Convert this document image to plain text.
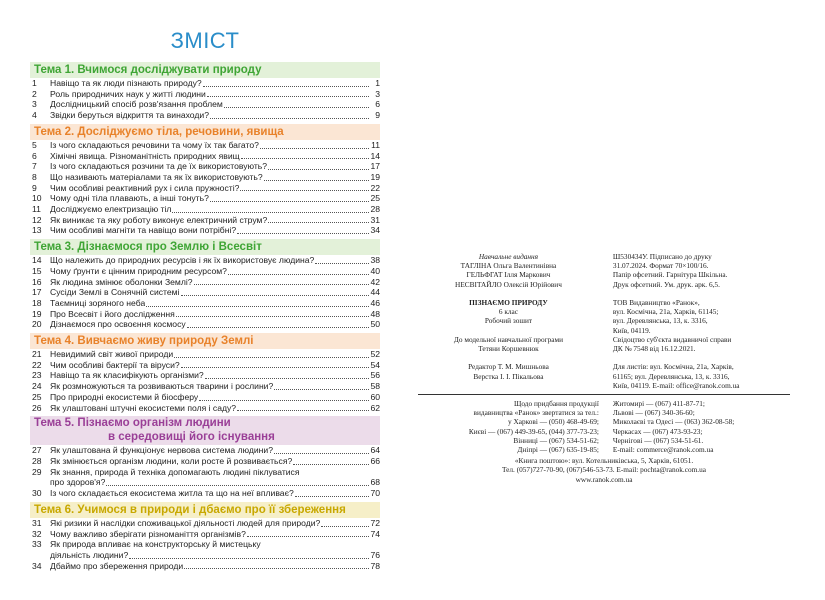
ЗМІСТ
Тема 1. Вчимося досліджувати природу
1	Навіщо та як люди пізнають природу?	1
2	Роль природничих наук у житті людини	3
3	Дослідницький спосіб розв'язання проблем	6
4	Звідки беруться відкриття та винаходи?	9
Тема 2. Досліджуємо тіла, речовини, явища
5	Із чого складаються речовини та чому їх так багато?	11
6	Хімічні явища. Різноманітність природних явищ	14
7	Із чого складаються розчини та де їх використовують?	17
8	Що називають матеріалами та як їх використовують?	19
9	Чим особливі реактивний рух і сила пружності?	22
10 Чому одні тіла плавають, а інші тонуть?	25
11	Досліджуємо електризацію тіл	28
12 Як виникає та яку роботу виконує електричний струм?	31
13 Чим особливі магніти та навіщо вони потрібні?	34
Тема 3. Дізнаємося про Землю і Всесвіт
14 Що належить до природних ресурсів і як їх використовує людина?	38
15 Чому ґрунти є цінним природним ресурсом?	40
16 Як людина змінює оболонки Землі?	42
17 Сусіди Землі в Сонячній системі	44
18 Таємниці зоряного неба	46
19 Про Всесвіт і його дослідження	48
20 Дізнаємося про освоєння космосу	50
Тема 4. Вивчаємо живу природу Землі
21 Невидимий світ живої природи	52
22 Чим особливі бактерії та віруси?	54
23 Навіщо та як класифікують організми?	56
24 Як розмножуються та розвиваються тварини і рослини?	58
25 Про природні екосистеми й біосферу	60
26 Як улаштовані штучні екосистеми поля і саду?	62
Тема 5. Пізнаємо організм людини
в середовищі його існування
27 Як улаштована й функціонує нервова система людини?	64
28 Як змінюється організм людини, коли росте й розвивається?	66
29 Як знання, природа й техніка допомагають людині піклуватися
про здоров'я?	68
30 Із чого складається екосистема житла та що на неї впливає?	70
Тема 6. Учимося в природи і дбаємо про її збереження
31 Які ризики й наслідки споживацької діяльності людей для природи?	72
32 Чому важливо зберігати різноманіття організмів?	74
33 Як природа впливає на конструкторську й мистецьку
діяльність людини?	76
34 Дбаймо про збереження природи	78
Навчальне видання
ТАГЛІНА Ольга Валентинівна
ГЕЛЬФГАТ Ілля Маркович
НЕСВІТАЙЛО Олексій Юрійович

ПІЗНАЄМО ПРИРОДУ
6 клас
Робочий зошит

До модельної навчальної програми
Тетяни Коршевнюк

Редактор Т. М. Мишньова
Верстка І. І. Пікальова
Ш530434У. Підписано до друку
31.07.2024. Формат 70×100/16.
Папір офсетний. Гарнітура Шкільна.
Друк офсетний. Ум. друк. арк. 6,5.

ТОВ Видавництво «Ранок»,
вул. Космічна, 21а, Харків, 61145;
вул. Деревлянська, 13, к. 3316,
Київ, 04119.
Свідоцтво суб'єкта видавничої справи
ДК № 7548 від 16.12.2021.

Для листів: вул. Космічна, 21а, Харків,
61165; вул. Деревлянська, 13, к. 3316,
Київ, 04119. E-mail: office@ranok.com.ua
Щодо придбання продукції
видавництва «Ранок» звертатися за тел.:
у Харкові — (050) 468-49-69;
Києві — (067) 449-39-65, (044) 377-73-23;
Вінниці — (067) 534-51-62;
Дніпрі — (067) 635-19-85;
Житомирі — (067) 411-87-71;
Львові — (067) 340-36-60;
Миколаєві та Одесі — (063) 362-08-58;
Черкасах — (067) 473-93-23;
Чернігові — (067) 534-51-61.
E-mail: commerce@ranok.com.ua
«Книга поштою»: вул. Котельниківська, 5, Харків, 61051.
Тел. (057)727-70-90, (067)546-53-73. E-mail: pochta@ranok.com.ua
www.ranok.com.ua
